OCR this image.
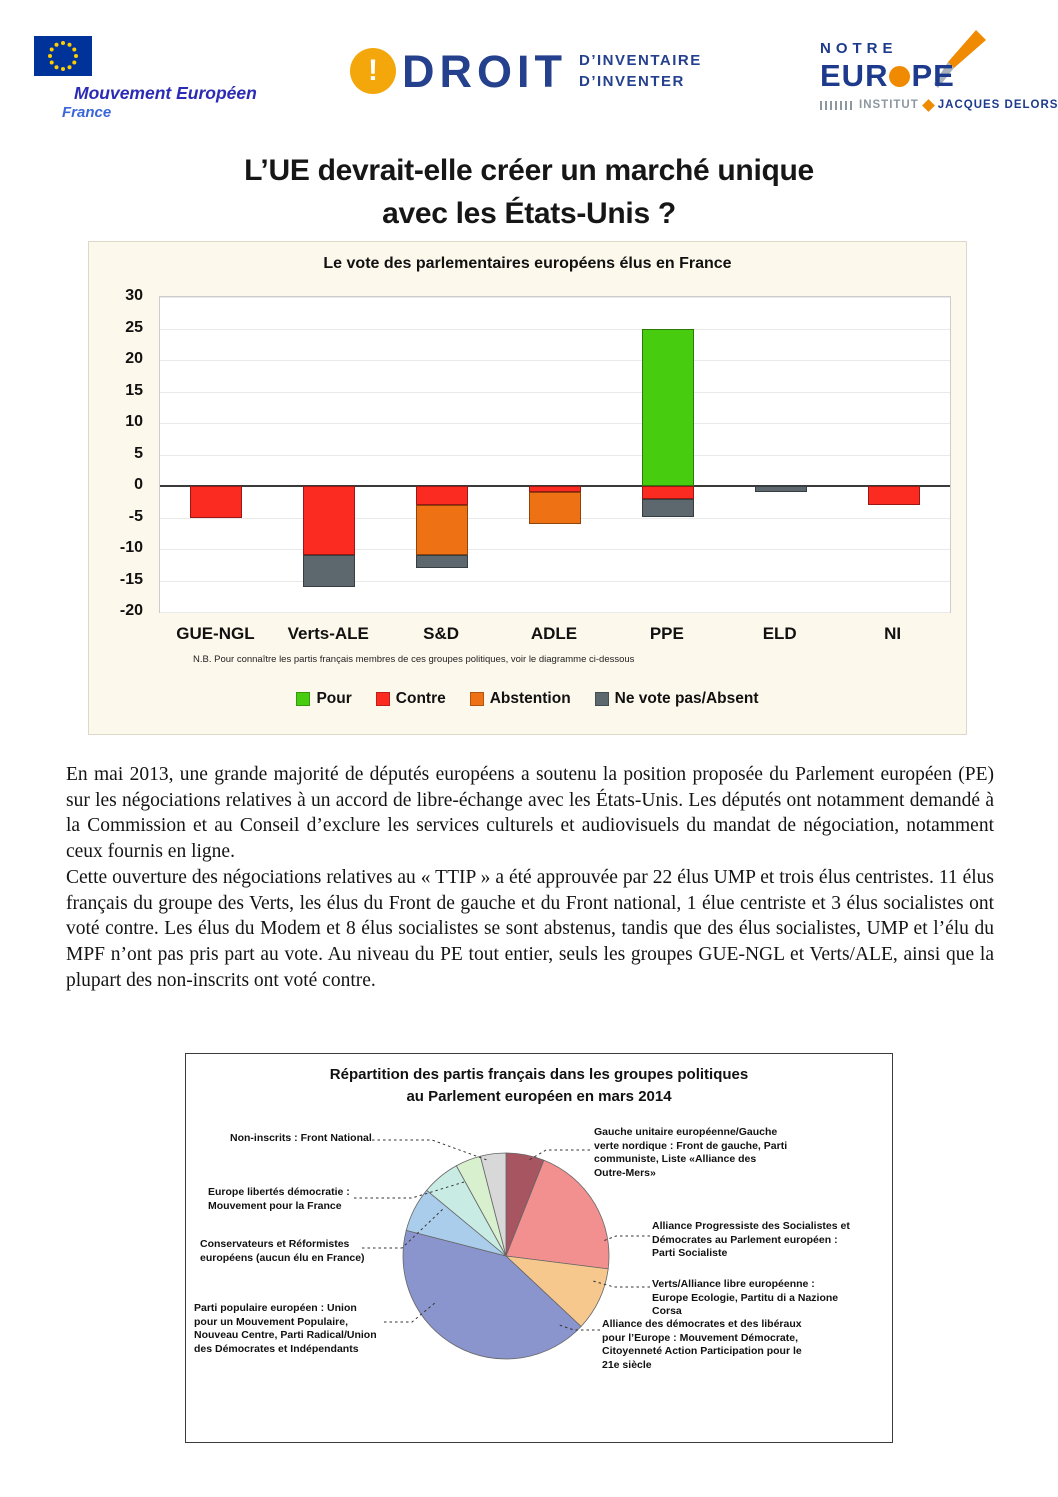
Mouvement Européen
France
! DROIT D’INVENTAIRE
D’INVENTER
NOTRE
EUR PE
INSTITUT JACQUES DELORS
L’UE devrait-elle créer un marché unique
avec les États-Unis ?
Le vote des parlementaires européens élus en France
30
25
20
15
10
5
0
-5
-10
-15
-20
GUE-NGL	Verts-ALE	S&D	ADLE	PPE	ELD	NI
N.B. Pour connaître les partis français membres de ces groupes politiques, voir le diagramme ci-dessous
Pour	Contre	Abstention	Ne vote pas/Absent

En mai 2013, une grande majorité de députés européens a soutenu la position proposée du Parlement européen (PE) sur les négociations relatives à un accord de libre-échange avec les États-Unis. Les députés ont notamment demandé à la Commission et au Conseil d’exclure les services culturels et audiovisuels du mandat de négociation, notamment ceux fournis en ligne.

Cette ouverture des négociations relatives au « TTIP » a été approuvée par 22 élus UMP et trois élus centristes. 11 élus français du groupe des Verts, les élus du Front de gauche et du Front national, 1 élue centriste et 3 élus socialistes ont voté contre. Les élus du Modem et 8 élus socialistes se sont abstenus, tandis que des élus socialistes, UMP et l’élu du MPF n’ont pas pris part au vote. Au niveau du PE tout entier, seuls les groupes GUE-NGL et Verts/ALE, ainsi que la plupart des non-inscrits ont voté contre.

Répartition des partis français dans les groupes politiques
au Parlement européen en mars 2014
Non-inscrits : Front National
Europe libertés démocratie : Mouvement pour la France
Conservateurs et Réformistes européens (aucun élu en France)
Parti populaire européen : Union pour un Mouvement Populaire, Nouveau Centre, Parti Radical/Union des Démocrates et Indépendants
Gauche unitaire européenne/Gauche verte nordique : Front de gauche, Parti communiste, Liste «Alliance des Outre-Mers»
Alliance Progressiste des Socialistes et Démocrates au Parlement européen : Parti Socialiste
Verts/Alliance libre européenne : Europe Ecologie, Partitu di a Nazione Corsa
Alliance des démocrates et des libéraux pour l’Europe : Mouvement Démocrate, Citoyenneté Action Participation pour le 21e siècle
